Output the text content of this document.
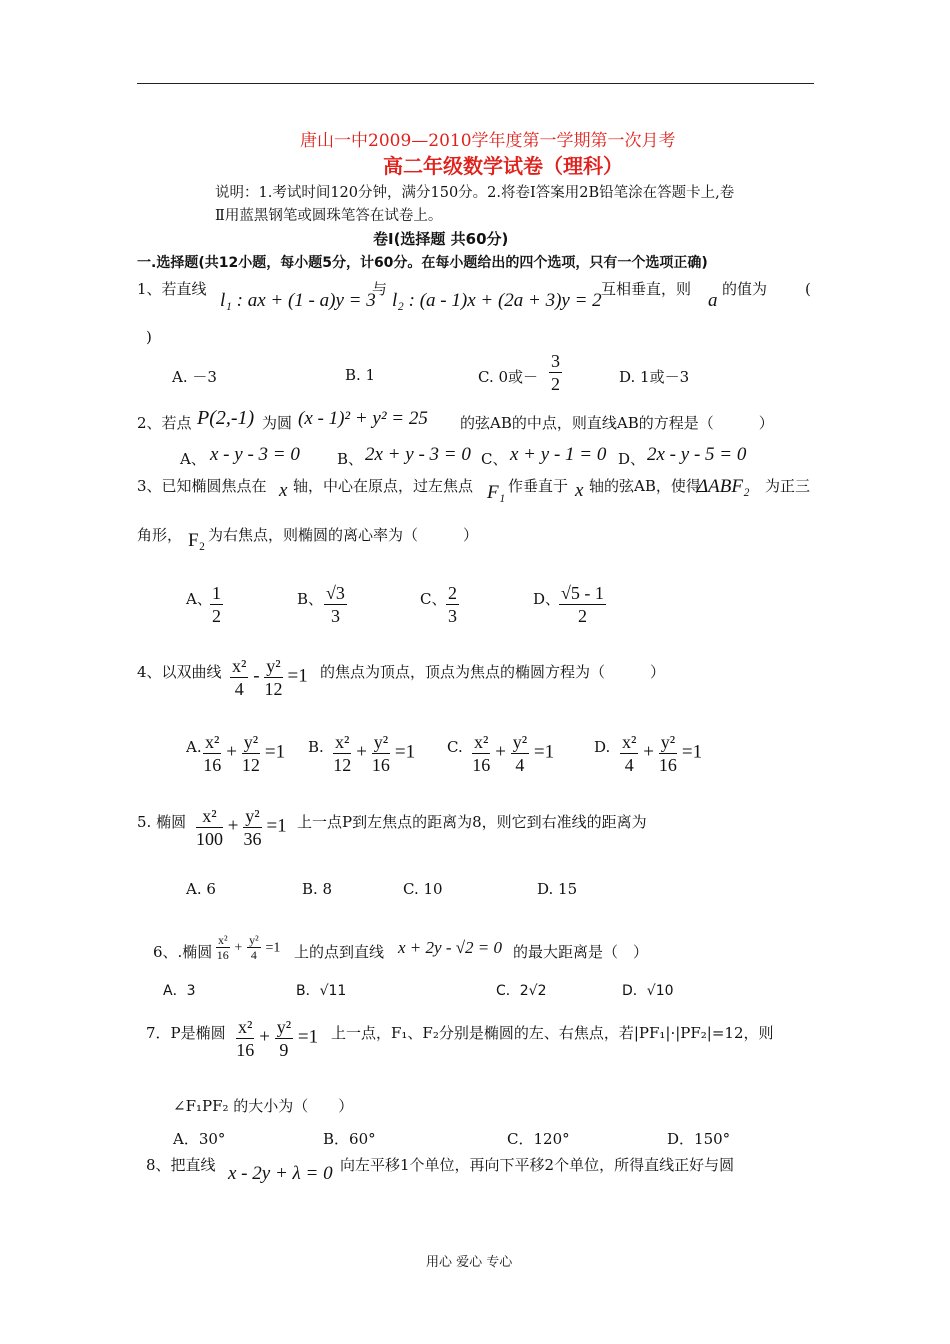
唐山一中2009—2010学年度第一学期第一次月考
高二年级数学试卷（理科）
说明：1.考试时间120分钟，满分150分。2.将卷Ⅰ答案用2B铅笔涂在答题卡上,卷
Ⅱ用蓝黑钢笔或圆珠笔答在试卷上。
卷Ⅰ(选择题 共60分)
一.选择题(共12小题，每小题5分，计60分。在每小题给出的四个选项，只有一个选项正确)
1、若直线
l₁ : ax + (1 - a)y = 3
与
l₂ : (a - 1)x + (2a + 3)y = 2
互相垂直，则
a
的值为	(
)
A. －3	B. 1	C. 0或－ $\frac{3}{2}$	D. 1或－3
2、若点 P(2,-1) 为圆 (x - 1)² + y² = 25 的弦AB的中点，则直线AB的方程是（　　　）
A、 x - y - 3 = 0 B、 2x + y - 3 = 0 C、 x + y - 1 = 0 D、 2x - y - 5 = 0
3、已知椭圆焦点在 x 轴，中心在原点，过左焦点 F₁ 作垂直于 x 轴的弦AB，使得
ΔABF₂ 为正三
角形， F₂ 为右焦点，则椭圆的离心率为（　　　）
A、
$\frac{1}{2}$	B、 $\frac{√3}{3}$	C、 $\frac{2}{3}$	D、
$\frac{√5 - 1}{2}$
4、以双曲线 $\frac{\text{x²}}{4} - \frac{\text{y²}}{12} =1$ 的焦点为顶点，顶点为焦点的椭圆方程为（　　　）
A. $\frac{\text{x²}}{16} + \frac{\text{y²}}{12} =1$ B. $\frac{\text{x²}}{12} + \frac{\text{y²}}{16} =1$ C. $\frac{\text{x²}}{16} + \frac{\text{y²}}{4} =1$	D. $\frac{\text{x²}}{4} + \frac{\text{y²}}{16} =1$
5. 椭圆 $\frac{\text{x²}}{100} + \frac{\text{y²}}{36} =1$ 上一点P到左焦点的距离为8，则它到右准线的距离为
A. 6	B. 8	C. 10	D. 15
6、.椭圆 $\frac{\text{x²}}{16} + \frac{\text{y²}}{4} =1$ 上的点到直线 x + 2y - √2 = 0 的最大距离是（　）
A．3	B．√11	C．2√2	D．√10
7．P是椭圆 $\frac{\text{x²}}{16} + \frac{\text{y²}}{9} =1$ 上一点，F₁、F₂分别是椭圆的左、右焦点，若|PF₁|·|PF₂|=12，则
∠F₁PF₂ 的大小为（　　）
A．30°	B．60°	C．120°	D．150°
8、把直线 x - 2y + λ = 0 向左平移1个单位，再向下平移2个单位，所得直线正好与圆
用心 爱心 专心
